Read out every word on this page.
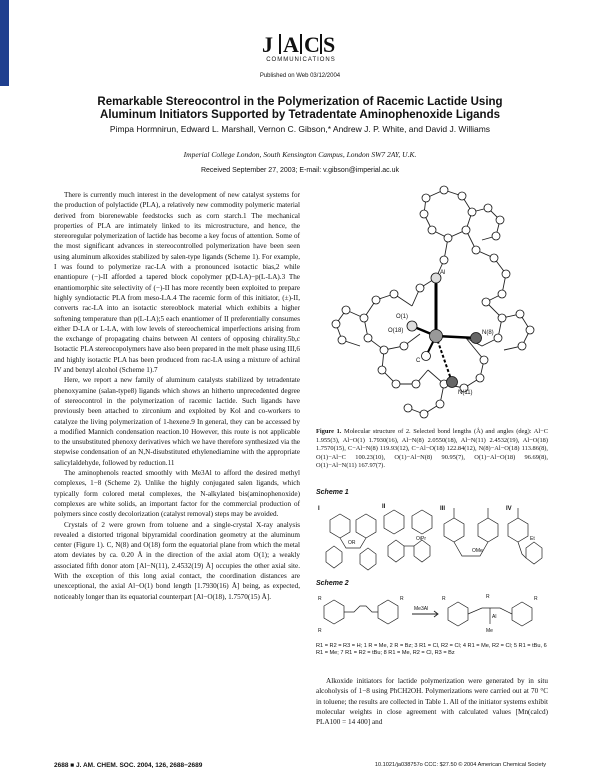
J A C S
COMMUNICATIONS
Published on Web 03/12/2004
Remarkable Stereocontrol in the Polymerization of Racemic Lactide Using Aluminum Initiators Supported by Tetradentate Aminophenoxide Ligands
Pimpa Hormnirun, Edward L. Marshall, Vernon C. Gibson,* Andrew J. P. White, and David J. Williams
Imperial College London, South Kensington Campus, London SW7 2AY, U.K.
Received September 27, 2003; E-mail: v.gibson@imperial.ac.uk

There is currently much interest in the development of new catalyst systems for the production of polylactide (PLA), a relatively new commodity polymeric material derived from biorenewable feedstocks such as corn starch.1 The mechanical properties of PLA are intimately linked to its microstructure, and hence, the stereoregular polymerization of lactide has become a key focus of attention. Some of the most significant advances in stereocontrolled polymerization have been seen using aluminum alkoxides stabilized by salen-type ligands (Scheme 1). For example, I was found to polymerize rac-LA with a pronounced isotactic bias,2 while enantiopure (−)-II afforded a tapered block copolymer p(D-LA)−p(L-LA).3 The enantiomorphic site selectivity of (−)-II has more recently been exploited to prepare highly syndiotactic PLA from meso-LA.4 The racemic form of this initiator, (±)-II, converts rac-LA into an isotactic stereoblock material which exhibits a higher softening temperature than p(L-LA);5 each enantiomer of II preferentially consumes either D-LA or L-LA, with low levels of stereochemical imperfections arising from the exchange of propagating chains between Al centers of opposing chirality.5b,c Isotactic PLA stereocopolymers have also been prepared in the melt phase using III,6 and highly isotactic PLA has been produced from rac-LA using a mixture of achiral IV and benzyl alcohol (Scheme 1).7

Here, we report a new family of aluminum catalysts stabilized by tetradentate phenoxyamine (salan-type8) ligands which shows an hitherto unprecedented degree of stereocontrol in the polymerization of racemic lactide. Such ligands have previously been attached to zirconium and exploited by Kol and co-workers to catalyze the living polymerization of 1-hexene.9 In general, they can be accessed by a modified Mannich condensation reaction.10 However, this route is not applicable to the unsubstituted phenoxy derivatives which we have therefore synthesized via the stepwise condensation of an N,N-disubstituted ethylenediamine with the appropriate salicylaldehyde, followed by reduction.11

The aminophenols reacted smoothly with Me3Al to afford the desired methyl complexes, 1−8 (Scheme 2). Unlike the highly conjugated salen ligands, which typically form colored metal complexes, the N-alkylated bis(aminophenoxide) complexes are white solids, an important factor for the commercial production of polymers since costly decolorization (catalyst removal) steps may be avoided.

Crystals of 2 were grown from toluene and a single-crystal X-ray analysis revealed a distorted trigonal bipyramidal coordination geometry at the aluminum center (Figure 1). C, N(8) and O(18) form the equatorial plane from which the metal atom deviates by ca. 0.20 Å in the direction of the axial atom O(1); a weakly associated fifth donor atom [Al−N(11), 2.4532(19) Å] occupies the other axial site. With the exception of this long axial contact, the coordination distances are unexceptional, the axial Al−O(1) bond length [1.7930(16) Å] being, as expected, noticeably longer than its equatorial counterpart [Al−O(18), 1.7570(15) Å].

Al
O(1)
N(8)
O(18)
N(11)
C
Figure 1. Molecular structure of 2. Selected bond lengths (Å) and angles (deg): Al−C 1.955(3), Al−O(1) 1.7930(16), Al−N(8) 2.0550(18), Al−N(11) 2.4532(19), Al−O(18) 1.7570(15), C−Al−N(8) 119.93(12), C−Al−O(18) 122.84(12), N(8)−Al−O(18) 113.86(8), O(1)−Al−C 100.23(10), O(1)−Al−N(8) 90.95(7), O(1)−Al−O(18) 96.69(8), O(1)−Al−N(11) 167.97(7).
Scheme 1
I	II	III	IV
OR
OiPr
OMe
Et
Scheme 2
Me3Al
R
R
R	R	R	R
Me
Al
R1 = R2 = R3 = H; 1 R = Me, 2 R = Bz; 3 R1 = Cl, R2 = Cl; 4 R1 = Me, R2 = Cl; 5 R1 = tBu, 6 R1 = Me; 7 R1 = R2 = tBu; 8 R1 = Me, R2 = Cl, R3 = Bz

Alkoxide initiators for lactide polymerization were generated by in situ alcoholysis of 1−8 using PhCH2OH. Polymerizations were carried out at 70 °C in toluene; the results are collected in Table 1. All of the initiator systems exhibit molecular weights in close agreement with calculated values [Mn(calcd) PLA100 = 14 400] and

2688 ■ J. AM. CHEM. SOC. 2004, 126, 2688−2689	10.1021/ja038757o CCC: $27.50 © 2004 American Chemical Society
